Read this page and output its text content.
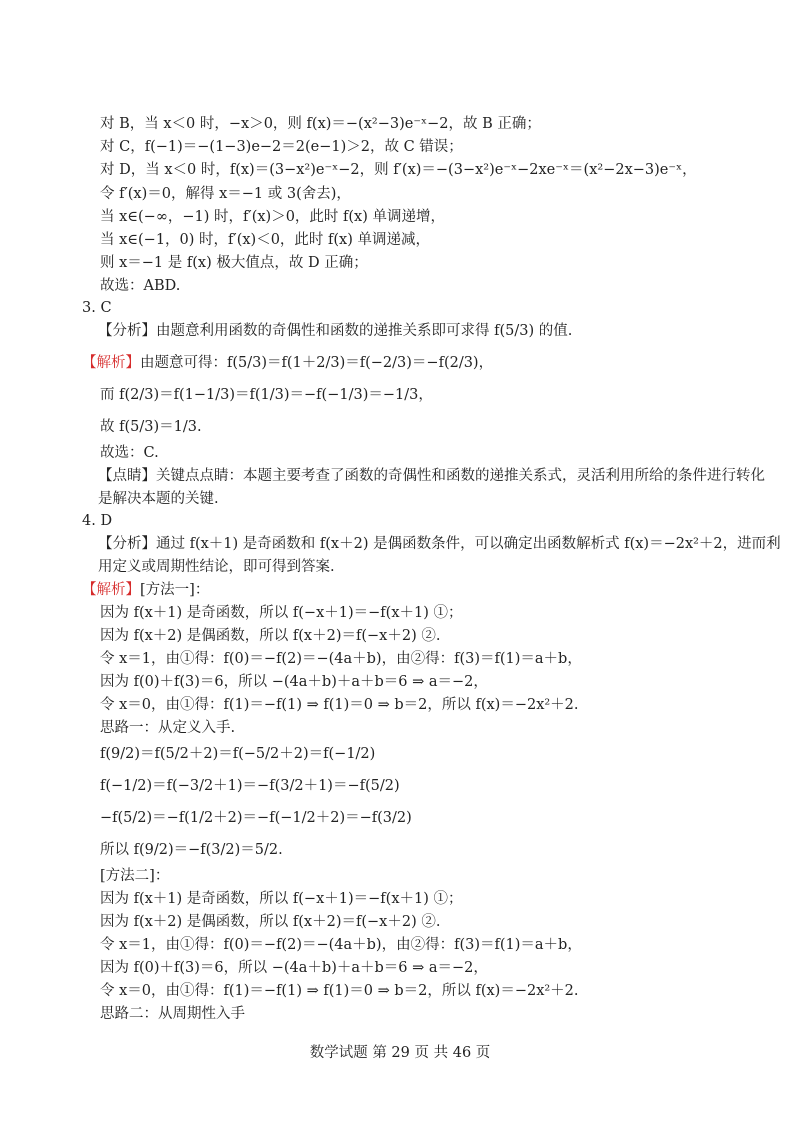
对 B，当 x＜0 时，−x＞0，则 f(x)＝−(x²−3)e⁻ˣ−2，故 B 正确；
对 C，f(−1)＝−(1−3)e−2＝2(e−1)＞2，故 C 错误；
对 D，当 x＜0 时，f(x)＝(3−x²)e⁻ˣ−2，则 f′(x)＝−(3−x²)e⁻ˣ−2xe⁻ˣ＝(x²−2x−3)e⁻ˣ，
令 f′(x)＝0，解得 x＝−1 或 3(舍去)，
当 x∈(−∞，−1) 时，f′(x)＞0，此时 f(x) 单调递增，
当 x∈(−1，0) 时，f′(x)＜0，此时 f(x) 单调递减，
则 x＝−1 是 f(x) 极大值点，故 D 正确；
故选：ABD.
3. C
【分析】由题意利用函数的奇偶性和函数的递推关系即可求得 f(5/3) 的值.
【解析】由题意可得：f(5/3)＝f(1＋2/3)＝f(−2/3)＝−f(2/3)，
而 f(2/3)＝f(1−1/3)＝f(1/3)＝−f(−1/3)＝−1/3，
故 f(5/3)＝1/3.
故选：C.
【点睛】关键点点睛：本题主要考查了函数的奇偶性和函数的递推关系式，灵活利用所给的条件进行转化
是解决本题的关键.
4. D
【分析】通过 f(x＋1) 是奇函数和 f(x＋2) 是偶函数条件，可以确定出函数解析式 f(x)＝−2x²＋2，进而利
用定义或周期性结论，即可得到答案.
【解析】[方法一]：
因为 f(x＋1) 是奇函数，所以 f(−x＋1)＝−f(x＋1) ①；
因为 f(x＋2) 是偶函数，所以 f(x＋2)＝f(−x＋2) ②.
令 x＝1，由①得：f(0)＝−f(2)＝−(4a＋b)，由②得：f(3)＝f(1)＝a＋b，
因为 f(0)＋f(3)＝6，所以 −(4a＋b)＋a＋b＝6 ⇒ a＝−2，
令 x＝0，由①得：f(1)＝−f(1) ⇒ f(1)＝0 ⇒ b＝2，所以 f(x)＝−2x²＋2.
思路一：从定义入手.
f(9/2)＝f(5/2＋2)＝f(−5/2＋2)＝f(−1/2)
f(−1/2)＝f(−3/2＋1)＝−f(3/2＋1)＝−f(5/2)
−f(5/2)＝−f(1/2＋2)＝−f(−1/2＋2)＝−f(3/2)
所以 f(9/2)＝−f(3/2)＝5/2.
[方法二]：
因为 f(x＋1) 是奇函数，所以 f(−x＋1)＝−f(x＋1) ①；
因为 f(x＋2) 是偶函数，所以 f(x＋2)＝f(−x＋2) ②.
令 x＝1，由①得：f(0)＝−f(2)＝−(4a＋b)，由②得：f(3)＝f(1)＝a＋b，
因为 f(0)＋f(3)＝6，所以 −(4a＋b)＋a＋b＝6 ⇒ a＝−2，
令 x＝0，由①得：f(1)＝−f(1) ⇒ f(1)＝0 ⇒ b＝2，所以 f(x)＝−2x²＋2.
思路二：从周期性入手
数学试题 第 29 页 共 46 页
